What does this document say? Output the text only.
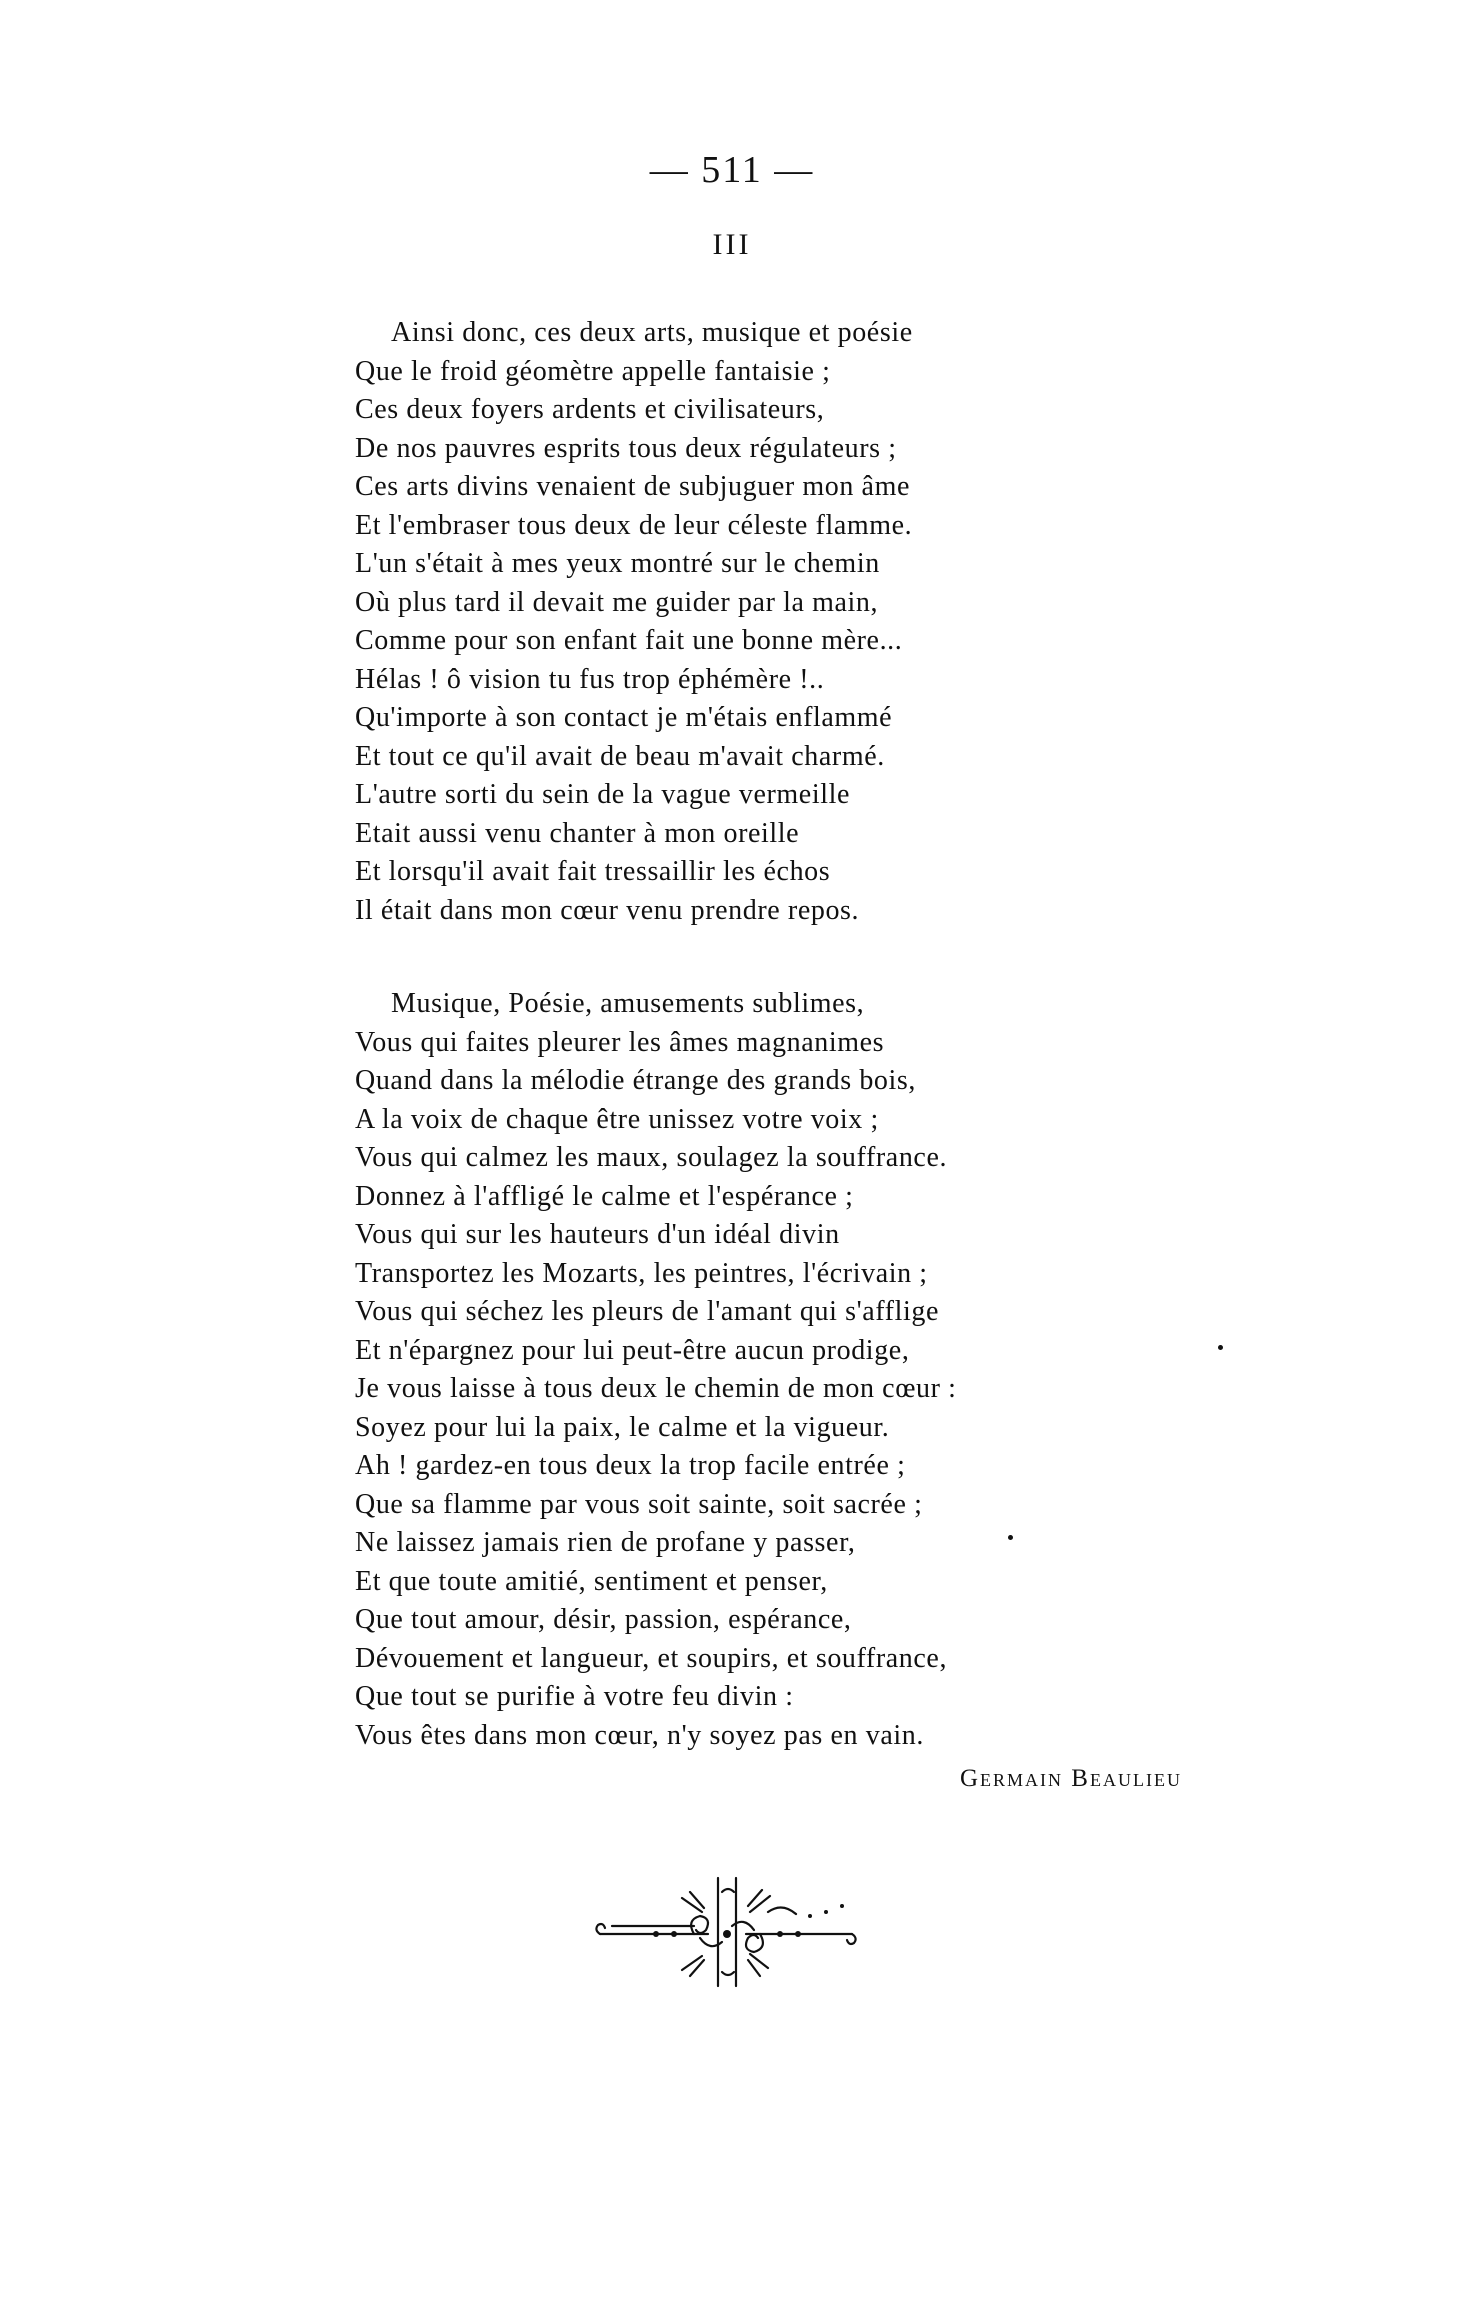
— 511 —
III
Ainsi donc, ces deux arts, musique et poésie
Que le froid géomètre appelle fantaisie ;
Ces deux foyers ardents et civilisateurs,
De nos pauvres esprits tous deux régulateurs ;
Ces arts divins venaient de subjuguer mon âme
Et l'embraser tous deux de leur céleste flamme.
L'un s'était à mes yeux montré sur le chemin
Où plus tard il devait me guider par la main,
Comme pour son enfant fait une bonne mère...
Hélas ! ô vision tu fus trop éphémère !..
Qu'importe à son contact je m'étais enflammé
Et tout ce qu'il avait de beau m'avait charmé.
L'autre sorti du sein de la vague vermeille
Etait aussi venu chanter à mon oreille
Et lorsqu'il avait fait tressaillir les échos
Il était dans mon cœur venu prendre repos.
Musique, Poésie, amusements sublimes,
Vous qui faites pleurer les âmes magnanimes
Quand dans la mélodie étrange des grands bois,
A la voix de chaque être unissez votre voix ;
Vous qui calmez les maux, soulagez la souffrance.
Donnez à l'affligé le calme et l'espérance ;
Vous qui sur les hauteurs d'un idéal divin
Transportez les Mozarts, les peintres, l'écrivain ;
Vous qui séchez les pleurs de l'amant qui s'afflige
Et n'épargnez pour lui peut-être aucun prodige,
Je vous laisse à tous deux le chemin de mon cœur :
Soyez pour lui la paix, le calme et la vigueur.
Ah ! gardez-en tous deux la trop facile entrée ;
Que sa flamme par vous soit sainte, soit sacrée ;
Ne laissez jamais rien de profane y passer,
Et que toute amitié, sentiment et penser,
Que tout amour, désir, passion, espérance,
Dévouement et langueur, et soupirs, et souffrance,
Que tout se purifie à votre feu divin :
Vous êtes dans mon cœur, n'y soyez pas en vain.
Germain Beaulieu
